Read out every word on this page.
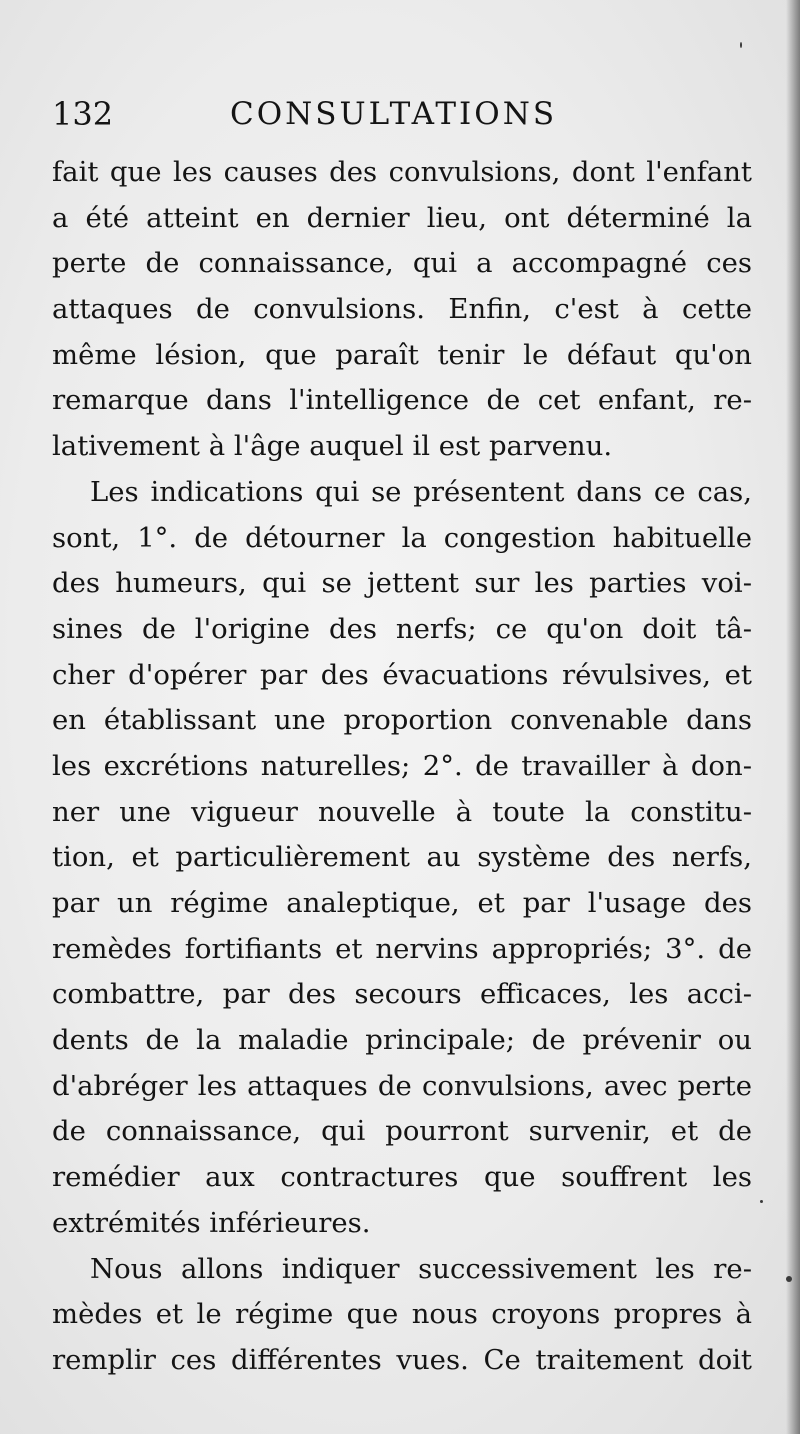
132	CONSULTATIONS
fait que les causes des convulsions, dont l'enfant
a été atteint en dernier lieu, ont déterminé la
perte de connaissance, qui a accompagné ces
attaques de convulsions. Enfin, c'est à cette
même lésion, que paraît tenir le défaut qu'on
remarque dans l'intelligence de cet enfant, re-
lativement à l'âge auquel il est parvenu.
Les indications qui se présentent dans ce cas,
sont, 1°. de détourner la congestion habituelle
des humeurs, qui se jettent sur les parties voi-
sines de l'origine des nerfs; ce qu'on doit tâ-
cher d'opérer par des évacuations révulsives, et
en établissant une proportion convenable dans
les excrétions naturelles; 2°. de travailler à don-
ner une vigueur nouvelle à toute la constitu-
tion, et particulièrement au système des nerfs,
par un régime analeptique, et par l'usage des
remèdes fortifiants et nervins appropriés; 3°. de
combattre, par des secours efficaces, les acci-
dents de la maladie principale; de prévenir ou
d'abréger les attaques de convulsions, avec perte
de connaissance, qui pourront survenir, et de
remédier aux contractures que souffrent les
extrémités inférieures.
Nous allons indiquer successivement les re-
mèdes et le régime que nous croyons propres à
remplir ces différentes vues. Ce traitement doit
